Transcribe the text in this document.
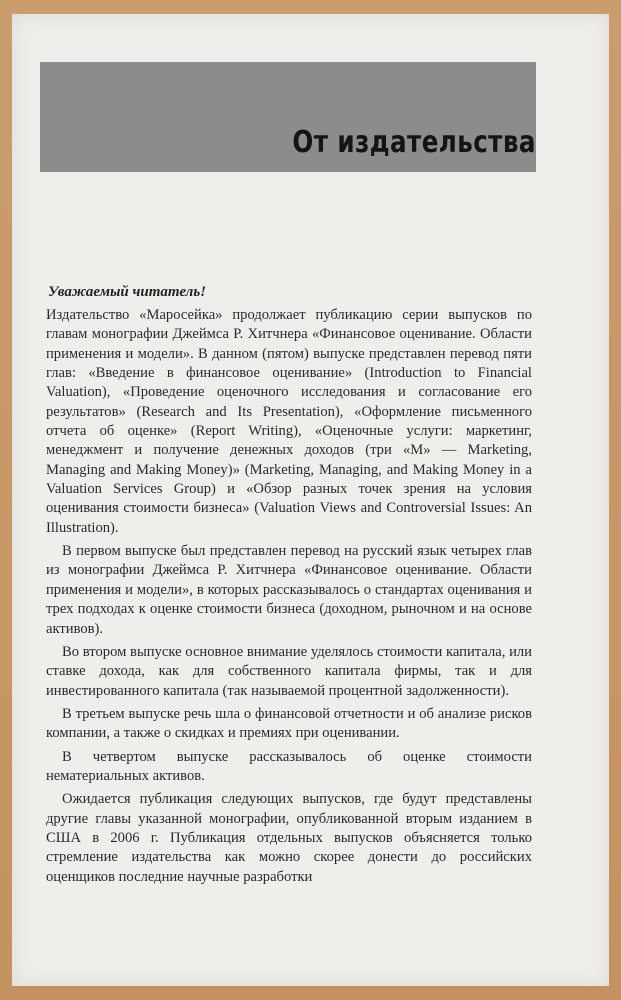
От издательства
Уважаемый читатель!

Издательство «Маросейка» продолжает публикацию серии выпусков по главам монографии Джеймса Р. Хитчнера «Финансовое оценивание. Области применения и модели». В данном (пятом) выпуске представлен перевод пяти глав: «Введение в финансовое оценивание» (Introduction to Financial Valuation), «Проведение оценочного исследования и согласование его результатов» (Research and Its Presentation), «Оформление письменного отчета об оценке» (Report Writing), «Оценочные услуги: маркетинг, менеджмент и получение денежных доходов (три «М» — Marketing, Managing and Making Money)» (Marketing, Managing, and Making Money in a Valuation Services Group) и «Обзор разных точек зрения на условия оценивания стоимости бизнеса» (Valuation Views and Controversial Issues: An Illustration).

В первом выпуске был представлен перевод на русский язык четырех глав из монографии Джеймса Р. Хитчнера «Финансовое оценивание. Области применения и модели», в которых рассказывалось о стандартах оценивания и трех подходах к оценке стоимости бизнеса (доходном, рыночном и на основе активов).

Во втором выпуске основное внимание уделялось стоимости капитала, или ставке дохода, как для собственного капитала фирмы, так и для инвестированного капитала (так называемой процентной задолженности).

В третьем выпуске речь шла о финансовой отчетности и об анализе рисков компании, а также о скидках и премиях при оценивании.

В четвертом выпуске рассказывалось об оценке стоимости нематериальных активов.

Ожидается публикация следующих выпусков, где будут представлены другие главы указанной монографии, опубликованной вторым изданием в США в 2006 г. Публикация отдельных выпусков объясняется только стремление издательства как можно скорее донести до российских оценщиков последние научные разработки
